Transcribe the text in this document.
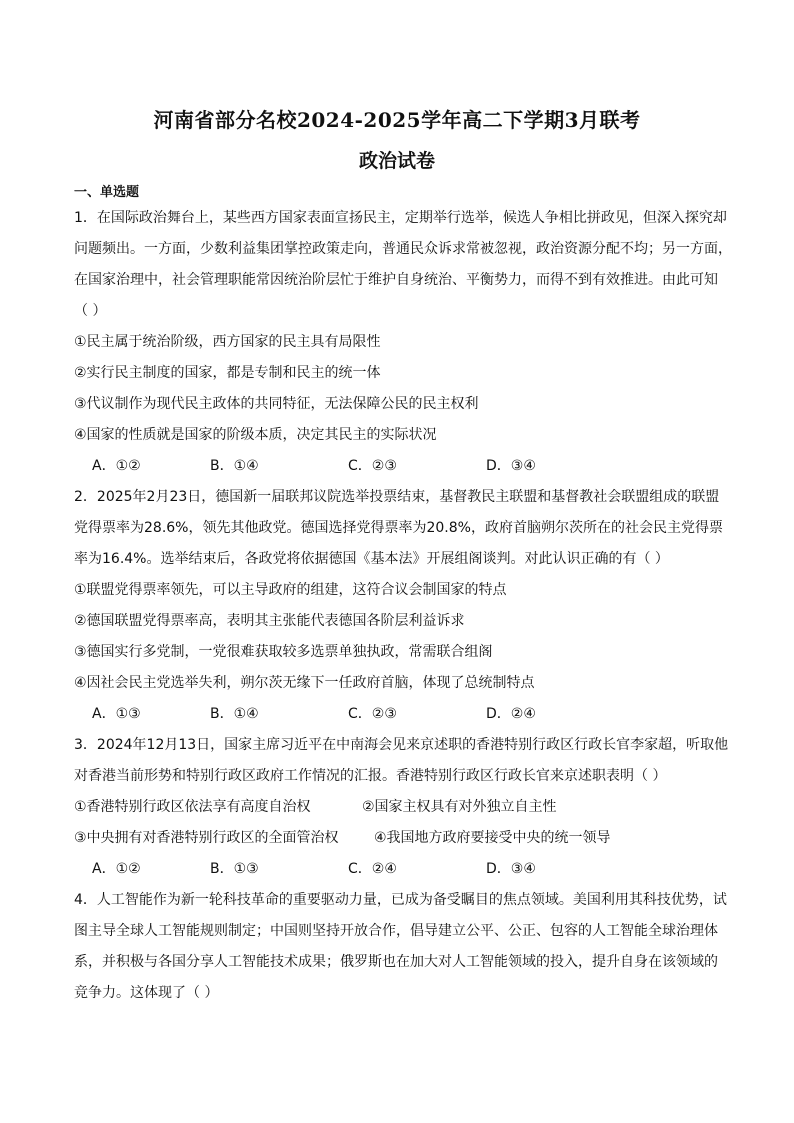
河南省部分名校2024-2025学年高二下学期3月联考
政治试卷
一、单选题
1．在国际政治舞台上，某些西方国家表面宣扬民主，定期举行选举，候选人争相比拼政见，但深入探究却
问题频出。一方面，少数利益集团掌控政策走向，普通民众诉求常被忽视，政治资源分配不均；另一方面，
在国家治理中，社会管理职能常因统治阶层忙于维护自身统治、平衡势力，而得不到有效推进。由此可知
（ ）
①民主属于统治阶级，西方国家的民主具有局限性
②实行民主制度的国家，都是专制和民主的统一体
③代议制作为现代民主政体的共同特征，无法保障公民的民主权利
④国家的性质就是国家的阶级本质，决定其民主的实际状况
A．①②	B．①④	C．②③	D．③④
2．2025年2月23日，德国新一届联邦议院选举投票结束，基督教民主联盟和基督教社会联盟组成的联盟
党得票率为28.6%，领先其他政党。德国选择党得票率为20.8%，政府首脑朔尔茨所在的社会民主党得票
率为16.4%。选举结束后，各政党将依据德国《基本法》开展组阁谈判。对此认识正确的有（ ）
①联盟党得票率领先，可以主导政府的组建，这符合议会制国家的特点
②德国联盟党得票率高，表明其主张能代表德国各阶层利益诉求
③德国实行多党制，一党很难获取较多选票单独执政，常需联合组阁
④因社会民主党选举失利，朔尔茨无缘下一任政府首脑，体现了总统制特点
A．①③	B．①④	C．②③	D．②④
3．2024年12月13日，国家主席习近平在中南海会见来京述职的香港特别行政区行政长官李家超，听取他
对香港当前形势和特别行政区政府工作情况的汇报。香港特别行政区行政长官来京述职表明（ ）
①香港特别行政区依法享有高度自治权	②国家主权具有对外独立自主性
③中央拥有对香港特别行政区的全面管治权	④我国地方政府要接受中央的统一领导
A．①②	B．①③	C．②④	D．③④
4．人工智能作为新一轮科技革命的重要驱动力量，已成为备受瞩目的焦点领域。美国利用其科技优势，试
图主导全球人工智能规则制定；中国则坚持开放合作，倡导建立公平、公正、包容的人工智能全球治理体
系，并积极与各国分享人工智能技术成果；俄罗斯也在加大对人工智能领域的投入，提升自身在该领域的
竞争力。这体现了（ ）
